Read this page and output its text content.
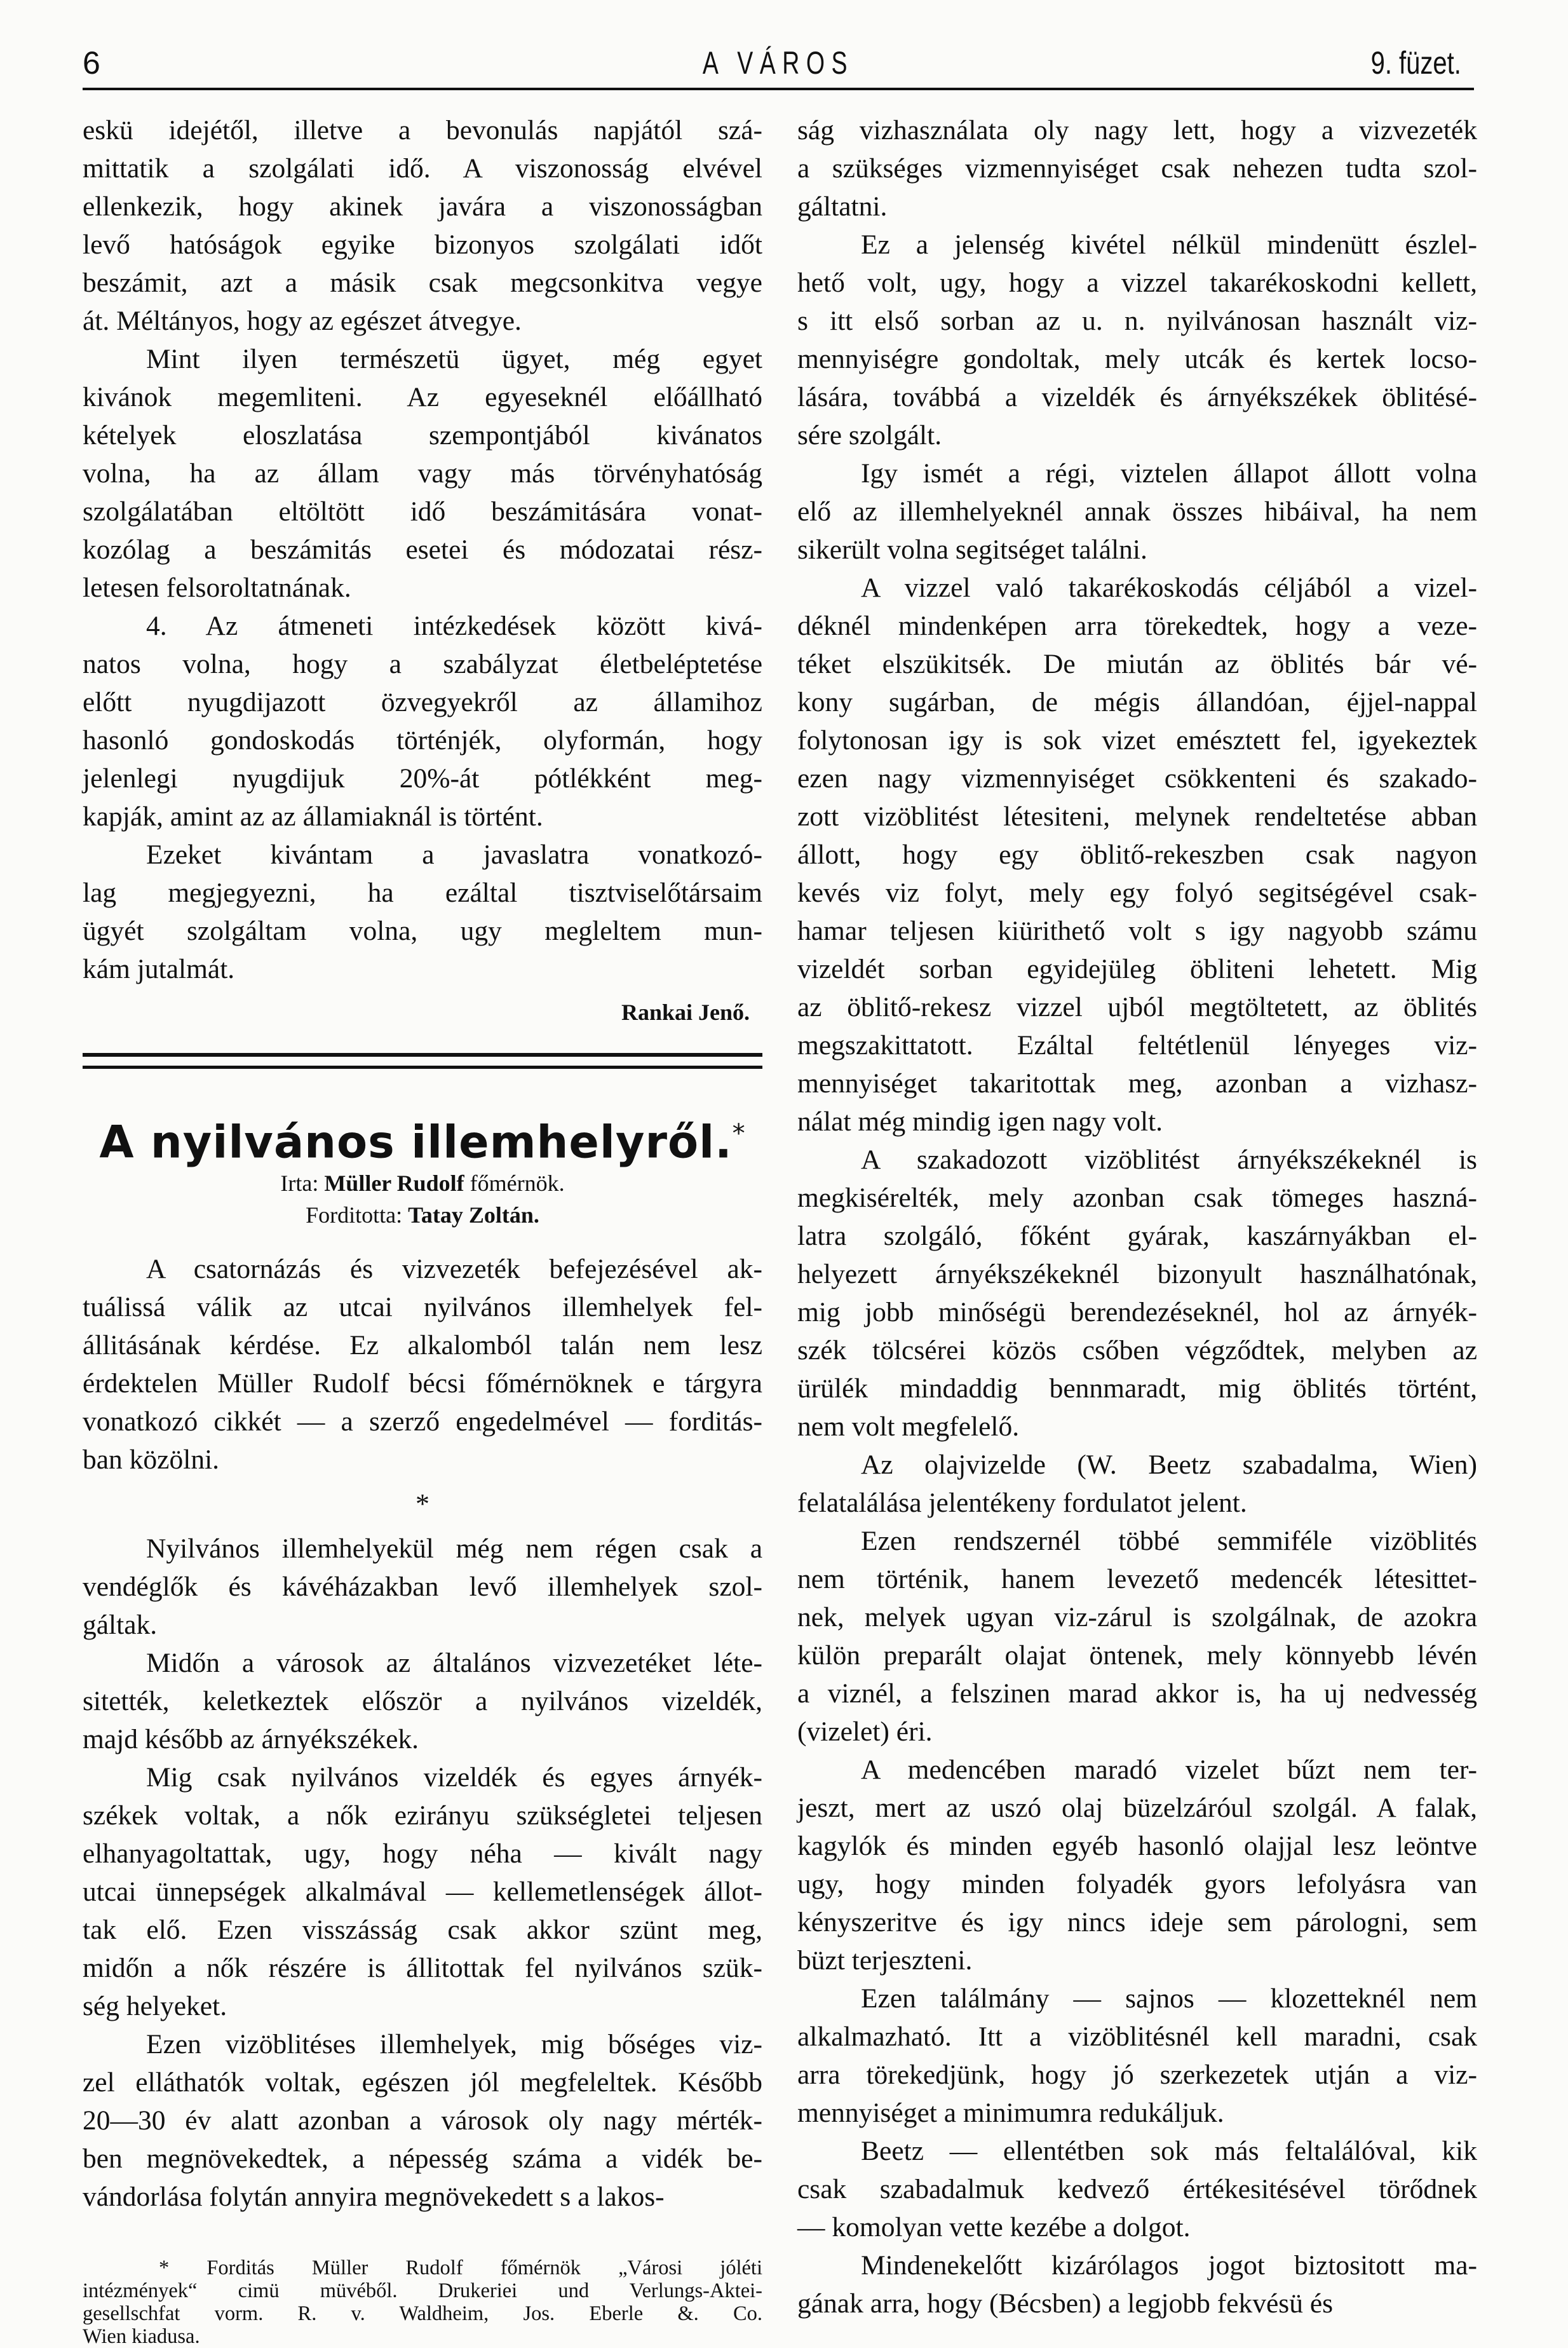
6	A VÁROS	9. füzet.

eskü idejétől, illetve a bevonulás napjától szá-
mittatik a szolgálati idő. A viszonosság elvével
ellenkezik, hogy akinek javára a viszonosságban
levő hatóságok egyike bizonyos szolgálati időt
beszámit, azt a másik csak megcsonkitva vegye
át. Méltányos, hogy az egészet átvegye.

Mint ilyen természetü ügyet, még egyet
kivánok megemliteni. Az egyeseknél előállható
kételyek eloszlatása szempontjából kivánatos
volna, ha az állam vagy más törvényhatóság
szolgálatában eltöltött idő beszámitására vonat-
kozólag a beszámitás esetei és módozatai rész-
letesen felsoroltatnának.

4. Az átmeneti intézkedések között kivá-
natos volna, hogy a szabályzat életbeléptetése
előtt nyugdijazott özvegyekről az államihoz
hasonló gondoskodás történjék, olyformán, hogy
jelenlegi nyugdijuk 20%-át pótlékként meg-
kapják, amint az az államiaknál is történt.

Ezeket kivántam a javaslatra vonatkozó-
lag megjegyezni, ha ezáltal tisztviselőtársaim
ügyét szolgáltam volna, ugy megleltem mun-
kám jutalmát.

Rankai Jenő.
A nyilvános illemhelyről.*
Irta: Müller Rudolf főmérnök.
Forditotta: Tatay Zoltán.

A csatornázás és vizvezeték befejezésével ak-
tuálissá válik az utcai nyilvános illemhelyek fel-
állitásának kérdése. Ez alkalomból talán nem lesz
érdektelen Müller Rudolf bécsi főmérnöknek e tárgyra
vonatkozó cikkét — a szerző engedelmével — forditás-
ban közölni.

*

Nyilvános illemhelyekül még nem régen csak a
vendéglők és kávéházakban levő illemhelyek szol-
gáltak.

Midőn a városok az általános vizvezetéket léte-
sitették, keletkeztek először a nyilvános vizeldék,
majd később az árnyékszékek.

Mig csak nyilvános vizeldék és egyes árnyék-
székek voltak, a nők ezirányu szükségletei teljesen
elhanyagoltattak, ugy, hogy néha — kivált nagy
utcai ünnepségek alkalmával — kellemetlenségek állot-
tak elő. Ezen visszásság csak akkor szünt meg,
midőn a nők részére is állitottak fel nyilvános szük-
ség helyeket.

Ezen vizöblitéses illemhelyek, mig bőséges viz-
zel elláthatók voltak, egészen jól megfeleltek. Később
20—30 év alatt azonban a városok oly nagy mérték-
ben megnövekedtek, a népesség száma a vidék be-
vándorlása folytán annyira megnövekedett s a lakos-

* Forditás Müller Rudolf főmérnök „Városi jóléti
intézmények“ cimü müvéből. Drukeriei und Verlungs-Aktei-
gesellschfat vorm. R. v. Waldheim, Jos. Eberle &. Co.
Wien kiadusa.

ság vizhasználata oly nagy lett, hogy a vizvezeték
a szükséges vizmennyiséget csak nehezen tudta szol-
gáltatni.

Ez a jelenség kivétel nélkül mindenütt észlel-
hető volt, ugy, hogy a vizzel takarékoskodni kellett,
s itt első sorban az u. n. nyilvánosan használt viz-
mennyiségre gondoltak, mely utcák és kertek locso-
lására, továbbá a vizeldék és árnyékszékek öblitésé-
sére szolgált.

Igy ismét a régi, viztelen állapot állott volna
elő az illemhelyeknél annak összes hibáival, ha nem
sikerült volna segitséget találni.

A vizzel való takarékoskodás céljából a vizel-
déknél mindenképen arra törekedtek, hogy a veze-
téket elszükitsék. De miután az öblités bár vé-
kony sugárban, de mégis állandóan, éjjel-nappal
folytonosan igy is sok vizet emésztett fel, igyekeztek
ezen nagy vizmennyiséget csökkenteni és szakado-
zott vizöblitést létesiteni, melynek rendeltetése abban
állott, hogy egy öblitő-rekeszben csak nagyon
kevés viz folyt, mely egy folyó segitségével csak-
hamar teljesen kiürithető volt s igy nagyobb számu
vizeldét sorban egyidejüleg öbliteni lehetett. Mig
az öblitő-rekesz vizzel ujból megtöltetett, az öblités
megszakittatott. Ezáltal feltétlenül lényeges viz-
mennyiséget takaritottak meg, azonban a vizhasz-
nálat még mindig igen nagy volt.

A szakadozott vizöblitést árnyékszékeknél is
megkisérelték, mely azonban csak tömeges haszná-
latra szolgáló, főként gyárak, kaszárnyákban el-
helyezett árnyékszékeknél bizonyult használhatónak,
mig jobb minőségü berendezéseknél, hol az árnyék-
szék tölcsérei közös csőben végződtek, melyben az
ürülék mindaddig bennmaradt, mig öblités történt,
nem volt megfelelő.

Az olajvizelde (W. Beetz szabadalma, Wien)
felatalálása jelentékeny fordulatot jelent.

Ezen rendszernél többé semmiféle vizöblités
nem történik, hanem levezető medencék létesittet-
nek, melyek ugyan viz-zárul is szolgálnak, de azokra
külön preparált olajat öntenek, mely könnyebb lévén
a viznél, a felszinen marad akkor is, ha uj nedvesség
(vizelet) éri.

A medencében maradó vizelet bűzt nem ter-
jeszt, mert az uszó olaj büzelzáróul szolgál. A falak,
kagylók és minden egyéb hasonló olajjal lesz leöntve
ugy, hogy minden folyadék gyors lefolyásra van
kényszeritve és igy nincs ideje sem párologni, sem
büzt terjeszteni.

Ezen találmány — sajnos — klozetteknél nem
alkalmazható. Itt a vizöblitésnél kell maradni, csak
arra törekedjünk, hogy jó szerkezetek utján a viz-
mennyiséget a minimumra redukáljuk.

Beetz — ellentétben sok más feltalálóval, kik
csak szabadalmuk kedvező értékesitésével törődnek
— komolyan vette kezébe a dolgot.

Mindenekelőtt kizárólagos jogot biztositott ma-
gának arra, hogy (Bécsben) a legjobb fekvésü és
